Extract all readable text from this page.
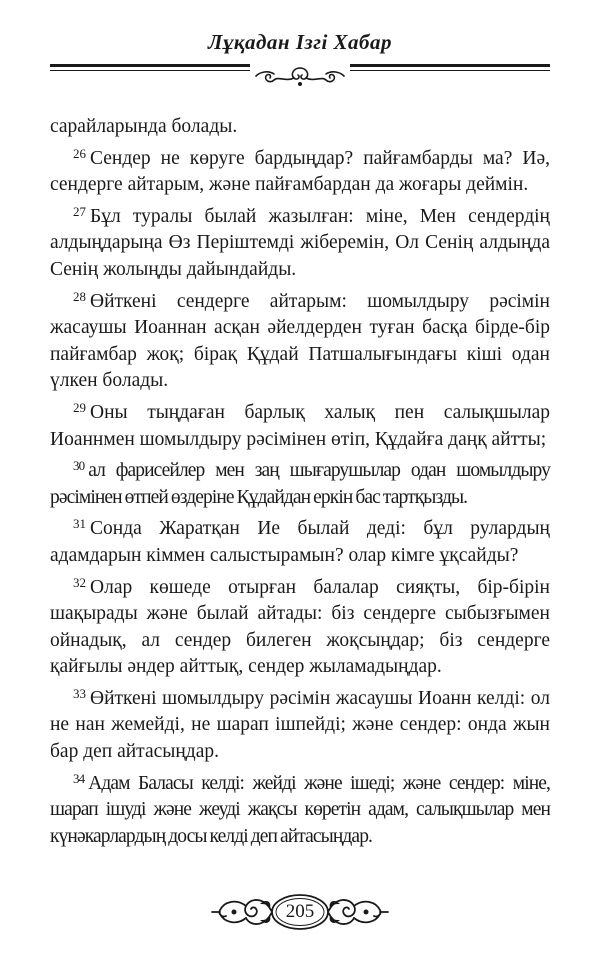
Лұқадан Ізгі Хабар

сарайларында болады.

$^{26}$ Сендер не көруге бардыңдар? пайғамбарды ма? Иә, сендерге айтарым, және пайғамбардан да жоғары деймін.

$^{27}$ Бұл туралы былай жазылған: міне, Мен сендердің алдыңдарыңа Өз Періштемді жіберемін, Ол Сенің алдыңда Сенің жолыңды дайындайды.

$^{28}$ Өйткені сендерге айтарым: шомылдыру рәсімін жасаушы Иоаннан асқан әйелдерден туған басқа бірде-бір пайғамбар жоқ; бірақ Құдай Патшалығындағы кіші одан үлкен болады.

$^{29}$ Оны тыңдаған барлық халық пен салықшылар Иоаннмен шомылдыру рәсімінен өтіп, Құдайға даңқ айтты;

$^{30}$ ал фарисейлер мен заң шығарушылар одан шомылдыру рәсімінен өтпей өздеріне Құдайдан еркін бас тартқызды.

$^{31}$ Сонда Жаратқан Ие былай деді: бұл рулардың адамдарын кіммен салыстырамын? олар кімге ұқсайды?

$^{32}$ Олар көшеде отырған балалар сияқты, бір-бірін шақырады және былай айтады: біз сендерге сыбызғымен ойнадық, ал сендер билеген жоқсыңдар; біз сендерге қайғылы әндер айттық, сендер жыламадыңдар.

$^{33}$ Өйткені шомылдыру рәсімін жасаушы Иоанн келді: ол не нан жемейді, не шарап ішпейді; және сендер: онда жын бар деп айтасыңдар.

$^{34}$ Адам Баласы келді: жейді және ішеді; және сендер: міне, шарап ішуді және жеуді жақсы көретін адам, салықшылар мен күнәкарлардың досы келді деп айтасыңдар.

205
